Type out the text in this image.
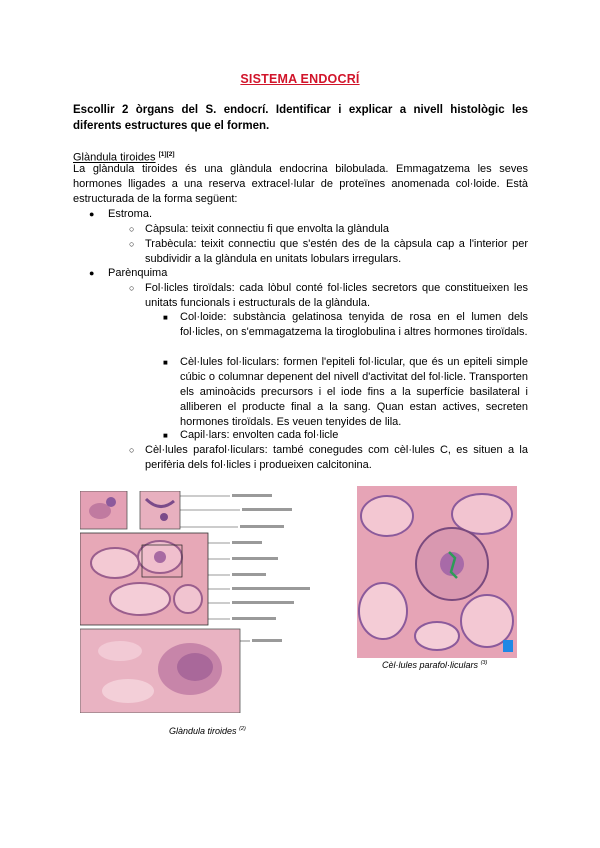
SISTEMA ENDOCRÍ
Escollir 2 òrgans del S. endocrí. Identificar i explicar a nivell histològic les diferents estructures que el formen.
Glàndula tiroides [1][2]
La glàndula tiroides és una glàndula endocrina bilobulada. Emmagatzema les seves hormones lligades a una reserva extracel·lular de proteïnes anomenada col·loide. Està estructurada de la forma següent:
● Estroma.
○ Càpsula: teixit connectiu fi que envolta la glàndula
○ Trabècula: teixit connectiu que s'estén des de la càpsula cap a l'interior per subdividir a la glàndula en unitats lobulars irregulars.
● Parènquima
○ Fol·licles tiroïdals: cada lòbul conté fol·licles secretors que constitueixen les unitats funcionals i estructurals de la glàndula.
■ Col·loide: substància gelatinosa tenyida de rosa en el lumen dels fol·licles, on s'emmagatzema la tiroglobulina i altres hormones tiroïdals.
■ Cèl·lules fol·liculars: formen l'epiteli fol·licular, que és un epiteli simple cúbic o columnar depenent del nivell d'activitat del fol·licle. Transporten els aminoàcids precursors i el iode fins a la superfície basilateral i alliberen el producte final a la sang. Quan estan actives, secreten hormones tiroïdals. Es veuen tenyides de lila.
■ Capil·lars: envolten cada fol·licle
○ Cèl·lules parafol·liculars: també conegudes com cèl·lules C, es situen a la perifèria dels fol·licles i produeixen calcitonina.
Glàndula tiroides $^{(2)}$
Cèl·lules parafol·liculars $^{(3)}$
